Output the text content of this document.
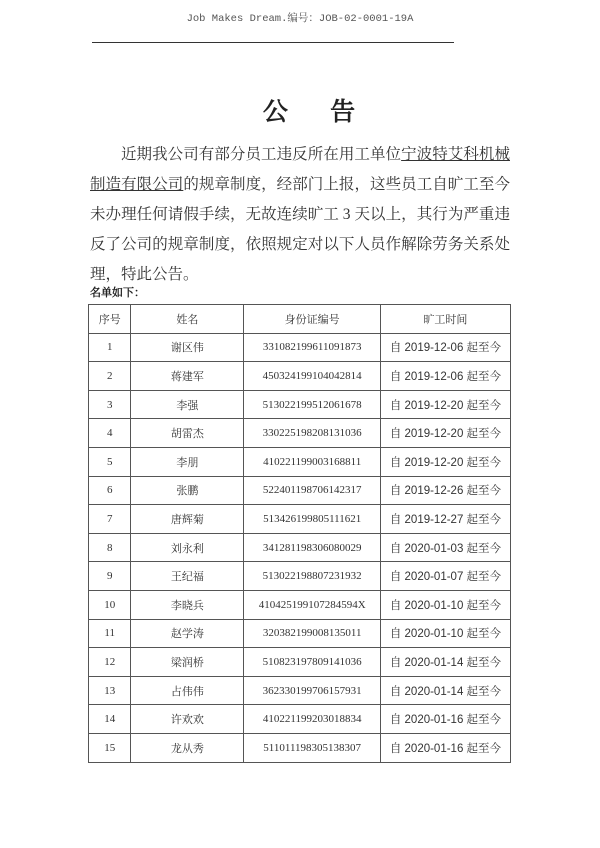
Job Makes Dream.编号：JOB-02-0001-19A
公 告
近期我公司有部分员工违反所在用工单位宁波特艾科机械制造有限公司的规章制度，经部门上报，这些员工自旷工至今未办理任何请假手续，无故连续旷工 3 天以上，其行为严重违反了公司的规章制度，依照规定对以下人员作解除劳务关系处理，特此公告。
名单如下：
序号	姓名	身份证编号	旷工时间
1	谢区伟	331082199611091873	自 2019-12-06 起至今
2	蒋建军	450324199104042814	自 2019-12-06 起至今
3	李强	513022199512061678	自 2019-12-20 起至今
4	胡雷杰	330225198208131036	自 2019-12-20 起至今
5	李朋	410221199003168811	自 2019-12-20 起至今
6	张鹏	522401198706142317	自 2019-12-26 起至今
7	唐辉菊	513426199805111621	自 2019-12-27 起至今
8	刘永利	341281198306080029	自 2020-01-03 起至今
9	王纪福	513022198807231932	自 2020-01-07 起至今
10	李晓兵	410425199107284594X	自 2020-01-10 起至今
11	赵学涛	320382199008135011	自 2020-01-10 起至今
12	梁润桥	510823197809141036	自 2020-01-14 起至今
13	占伟伟	362330199706157931	自 2020-01-14 起至今
14	许欢欢	410221199203018834	自 2020-01-16 起至今
15	龙从秀	511011198305138307	自 2020-01-16 起至今
